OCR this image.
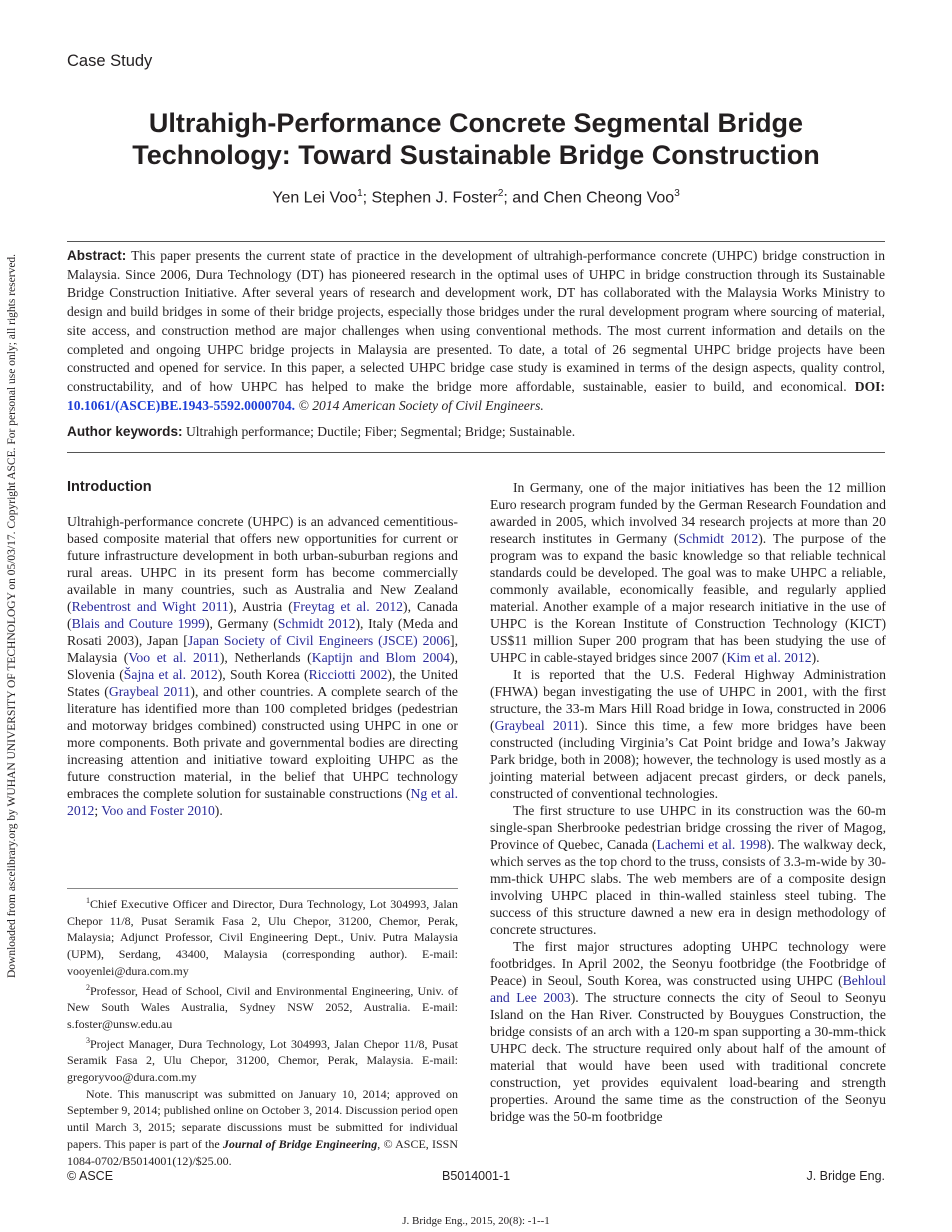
Downloaded from ascelibrary.org by WUHAN UNIVERSITY OF TECHNOLOGY on 05/03/17. Copyright ASCE. For personal use only; all rights reserved.
Case Study
Ultrahigh-Performance Concrete Segmental Bridge
Technology: Toward Sustainable Bridge Construction
Yen Lei Voo$^1$; Stephen J. Foster$^2$; and Chen Cheong Voo$^3$
Abstract: This paper presents the current state of practice in the development of ultrahigh-performance concrete (UHPC) bridge construction in Malaysia. Since 2006, Dura Technology (DT) has pioneered research in the optimal uses of UHPC in bridge construction through its Sustainable Bridge Construction Initiative. After several years of research and development work, DT has collaborated with the Malaysia Works Ministry to design and build bridges in some of their bridge projects, especially those bridges under the rural development program where sourcing of material, site access, and construction method are major challenges when using conventional methods. The most current information and details on the completed and ongoing UHPC bridge projects in Malaysia are presented. To date, a total of 26 segmental UHPC bridge projects have been constructed and opened for service. In this paper, a selected UHPC bridge case study is examined in terms of the design aspects, quality control, constructability, and of how UHPC has helped to make the bridge more affordable, sustainable, easier to build, and economical. DOI: 10.1061/(ASCE)BE.1943-5592.0000704. © 2014 American Society of Civil Engineers.
Author keywords: Ultrahigh performance; Ductile; Fiber; Segmental; Bridge; Sustainable.
Introduction

Ultrahigh-performance concrete (UHPC) is an advanced cementitious-based composite material that offers new opportunities for current or future infrastructure development in both urban-suburban regions and rural areas. UHPC in its present form has become commercially available in many countries, such as Australia and New Zealand (Rebentrost and Wight 2011), Austria (Freytag et al. 2012), Canada (Blais and Couture 1999), Germany (Schmidt 2012), Italy (Meda and Rosati 2003), Japan [Japan Society of Civil Engineers (JSCE) 2006], Malaysia (Voo et al. 2011), Netherlands (Kaptijn and Blom 2004), Slovenia (Šajna et al. 2012), South Korea (Ricciotti 2002), the United States (Graybeal 2011), and other countries. A complete search of the literature has identified more than 100 completed bridges (pedestrian and motorway bridges combined) constructed using UHPC in one or more components. Both private and governmental bodies are directing increasing attention and initiative toward exploiting UHPC as the future construction material, in the belief that UHPC technology embraces the complete solution for sustainable constructions (Ng et al. 2012; Voo and Foster 2010).

In Germany, one of the major initiatives has been the 12 million Euro research program funded by the German Research Foundation and awarded in 2005, which involved 34 research projects at more than 20 research institutes in Germany (Schmidt 2012). The purpose of the program was to expand the basic knowledge so that reliable technical standards could be developed. The goal was to make UHPC a reliable, commonly available, economically feasible, and regularly applied material. Another example of a major research initiative in the use of UHPC is the Korean Institute of Construction Technology (KICT) US$11 million Super 200 program that has been studying the use of UHPC in cable-stayed bridges since 2007 (Kim et al. 2012).

It is reported that the U.S. Federal Highway Administration (FHWA) began investigating the use of UHPC in 2001, with the first structure, the 33-m Mars Hill Road bridge in Iowa, constructed in 2006 (Graybeal 2011). Since this time, a few more bridges have been constructed (including Virginia’s Cat Point bridge and Iowa’s Jakway Park bridge, both in 2008); however, the technology is used mostly as a jointing material between adjacent precast girders, or deck panels, constructed of conventional technologies.

The first structure to use UHPC in its construction was the 60-m single-span Sherbrooke pedestrian bridge crossing the river of Magog, Province of Quebec, Canada (Lachemi et al. 1998). The walkway deck, which serves as the top chord to the truss, consists of 3.3-m-wide by 30-mm-thick UHPC slabs. The web members are of a composite design involving UHPC placed in thin-walled stainless steel tubing. The success of this structure dawned a new era in design methodology of concrete structures.

The first major structures adopting UHPC technology were footbridges. In April 2002, the Seonyu footbridge (the Footbridge of Peace) in Seoul, South Korea, was constructed using UHPC (Behloul and Lee 2003). The structure connects the city of Seoul to Seonyu Island on the Han River. Constructed by Bouygues Construction, the bridge consists of an arch with a 120-m span supporting a 30-mm-thick UHPC deck. The structure required only about half of the amount of material that would have been used with traditional concrete construction, yet provides equivalent load-bearing and strength properties. Around the same time as the construction of the Seonyu bridge was the 50-m footbridge

$^1$Chief Executive Officer and Director, Dura Technology, Lot 304993, Jalan Chepor 11/8, Pusat Seramik Fasa 2, Ulu Chepor, 31200, Chemor, Perak, Malaysia; Adjunct Professor, Civil Engineering Dept., Univ. Putra Malaysia (UPM), Serdang, 43400, Malaysia (corresponding author). E-mail: vooyenlei@dura.com.my

$^2$Professor, Head of School, Civil and Environmental Engineering, Univ. of New South Wales Australia, Sydney NSW 2052, Australia. E-mail: s.foster@unsw.edu.au

$^3$Project Manager, Dura Technology, Lot 304993, Jalan Chepor 11/8, Pusat Seramik Fasa 2, Ulu Chepor, 31200, Chemor, Perak, Malaysia. E-mail: gregoryvoo@dura.com.my

Note. This manuscript was submitted on January 10, 2014; approved on September 9, 2014; published online on October 3, 2014. Discussion period open until March 3, 2015; separate discussions must be submitted for individual papers. This paper is part of the Journal of Bridge Engineering, © ASCE, ISSN 1084-0702/B5014001(12)/$25.00.

© ASCE	B5014001-1	J. Bridge Eng.
J. Bridge Eng., 2015, 20(8): -1--1
